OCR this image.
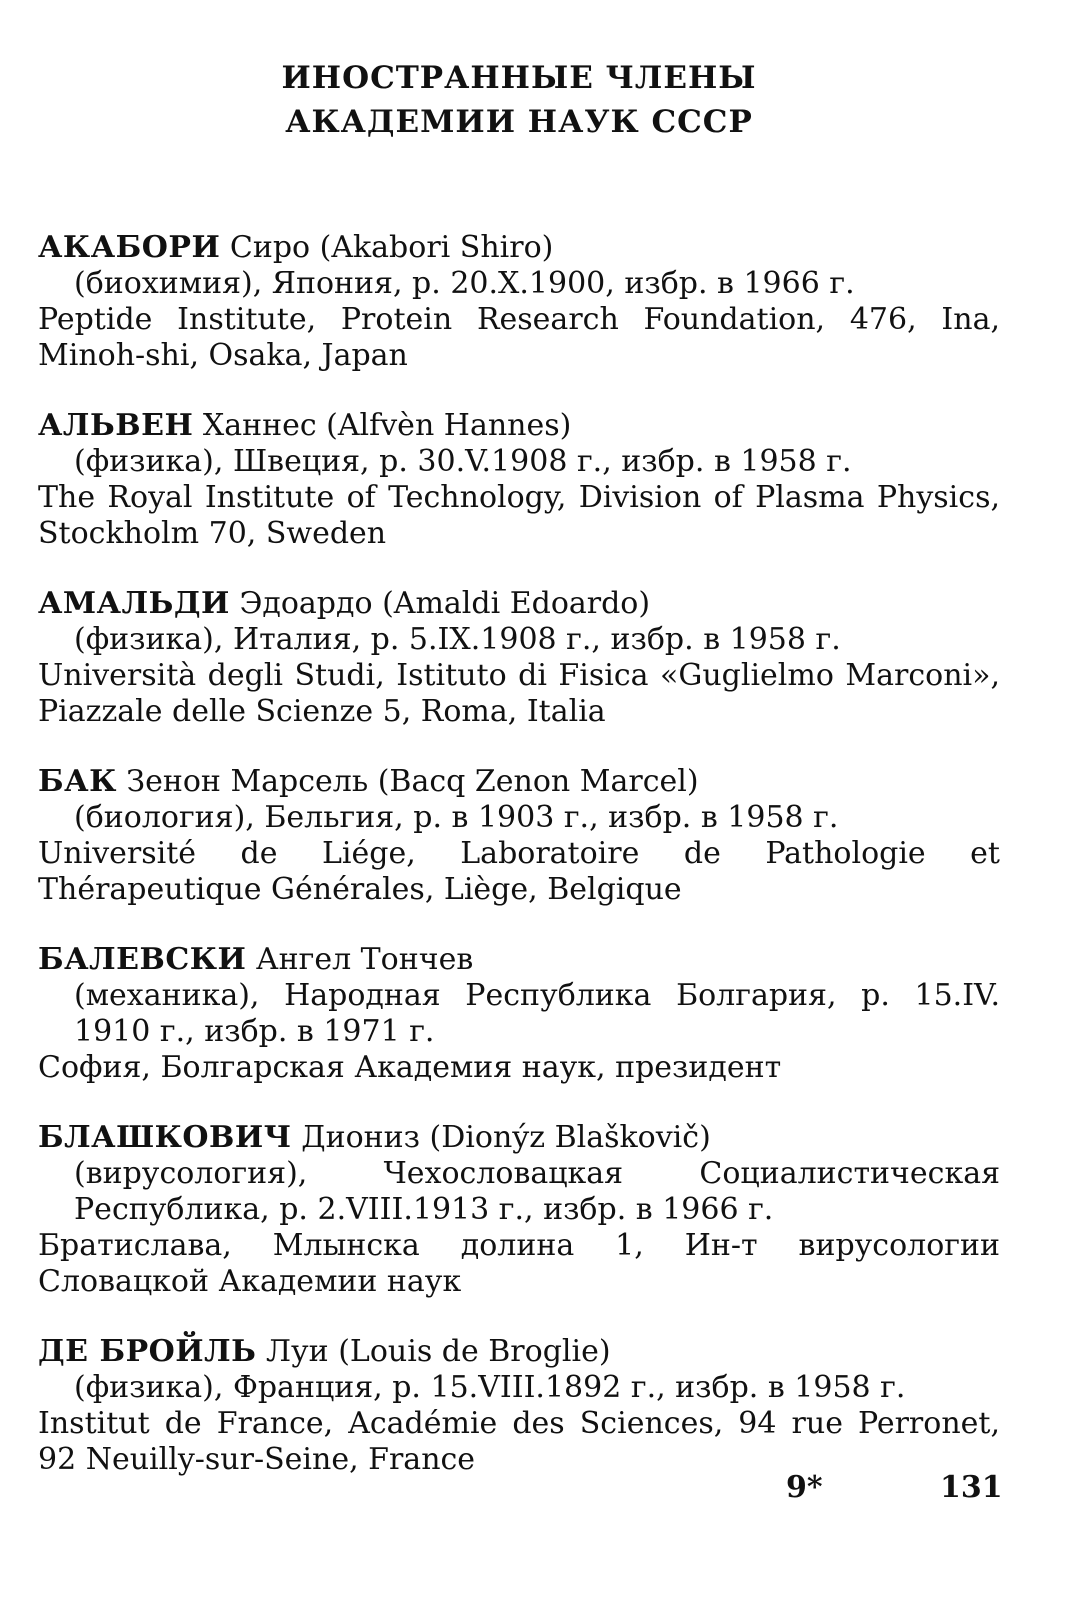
ИНОСТРАННЫЕ ЧЛЕНЫ
АКАДЕМИИ НАУК СССР
АКАБОРИ Сиро (Akabori Shiro)
(биохимия), Япония, р. 20.X.1900, избр. в 1966 г.
Peptide Institute, Protein Research Foundation, 476, Ina, Minoh-shi, Osaka, Japan
АЛЬВЕН Ханнес (Alfvèn Hannes)
(физика), Швеция, р. 30.V.1908 г., избр. в 1958 г.
The Royal Institute of Technology, Division of Plasma Physics, Stockholm 70, Sweden
АМАЛЬДИ Эдоардо (Amaldi Edoardo)
(физика), Италия, р. 5.IX.1908 г., избр. в 1958 г.
Università degli Studi, Istituto di Fisica «Guglielmo Marconi», Piazzale delle Scienze 5, Roma, Italia
БАК Зенон Марсель (Bacq Zenon Marcel)
(биология), Бельгия, р. в 1903 г., избр. в 1958 г.
Université de Liége, Laboratoire de Pathologie et Thérapeutique Générales, Liège, Belgique
БАЛЕВСКИ Ангел Тончев
(механика), Народная Республика Болгария, р. 15.IV. 1910 г., избр. в 1971 г.
София, Болгарская Академия наук, президент
БЛАШКОВИЧ Диониз (Dionýz Blaškovič)
(вирусология), Чехословацкая Социалистическая Республика, р. 2.VIII.1913 г., избр. в 1966 г.
Братислава, Млынска долина 1, Ин-т вирусологии Словацкой Академии наук
ДЕ БРОЙЛЬ Луи (Louis de Broglie)
(физика), Франция, р. 15.VIII.1892 г., избр. в 1958 г.
Institut de France, Académie des Sciences, 94 rue Perronet, 92 Neuilly-sur-Seine, France
9*	131
